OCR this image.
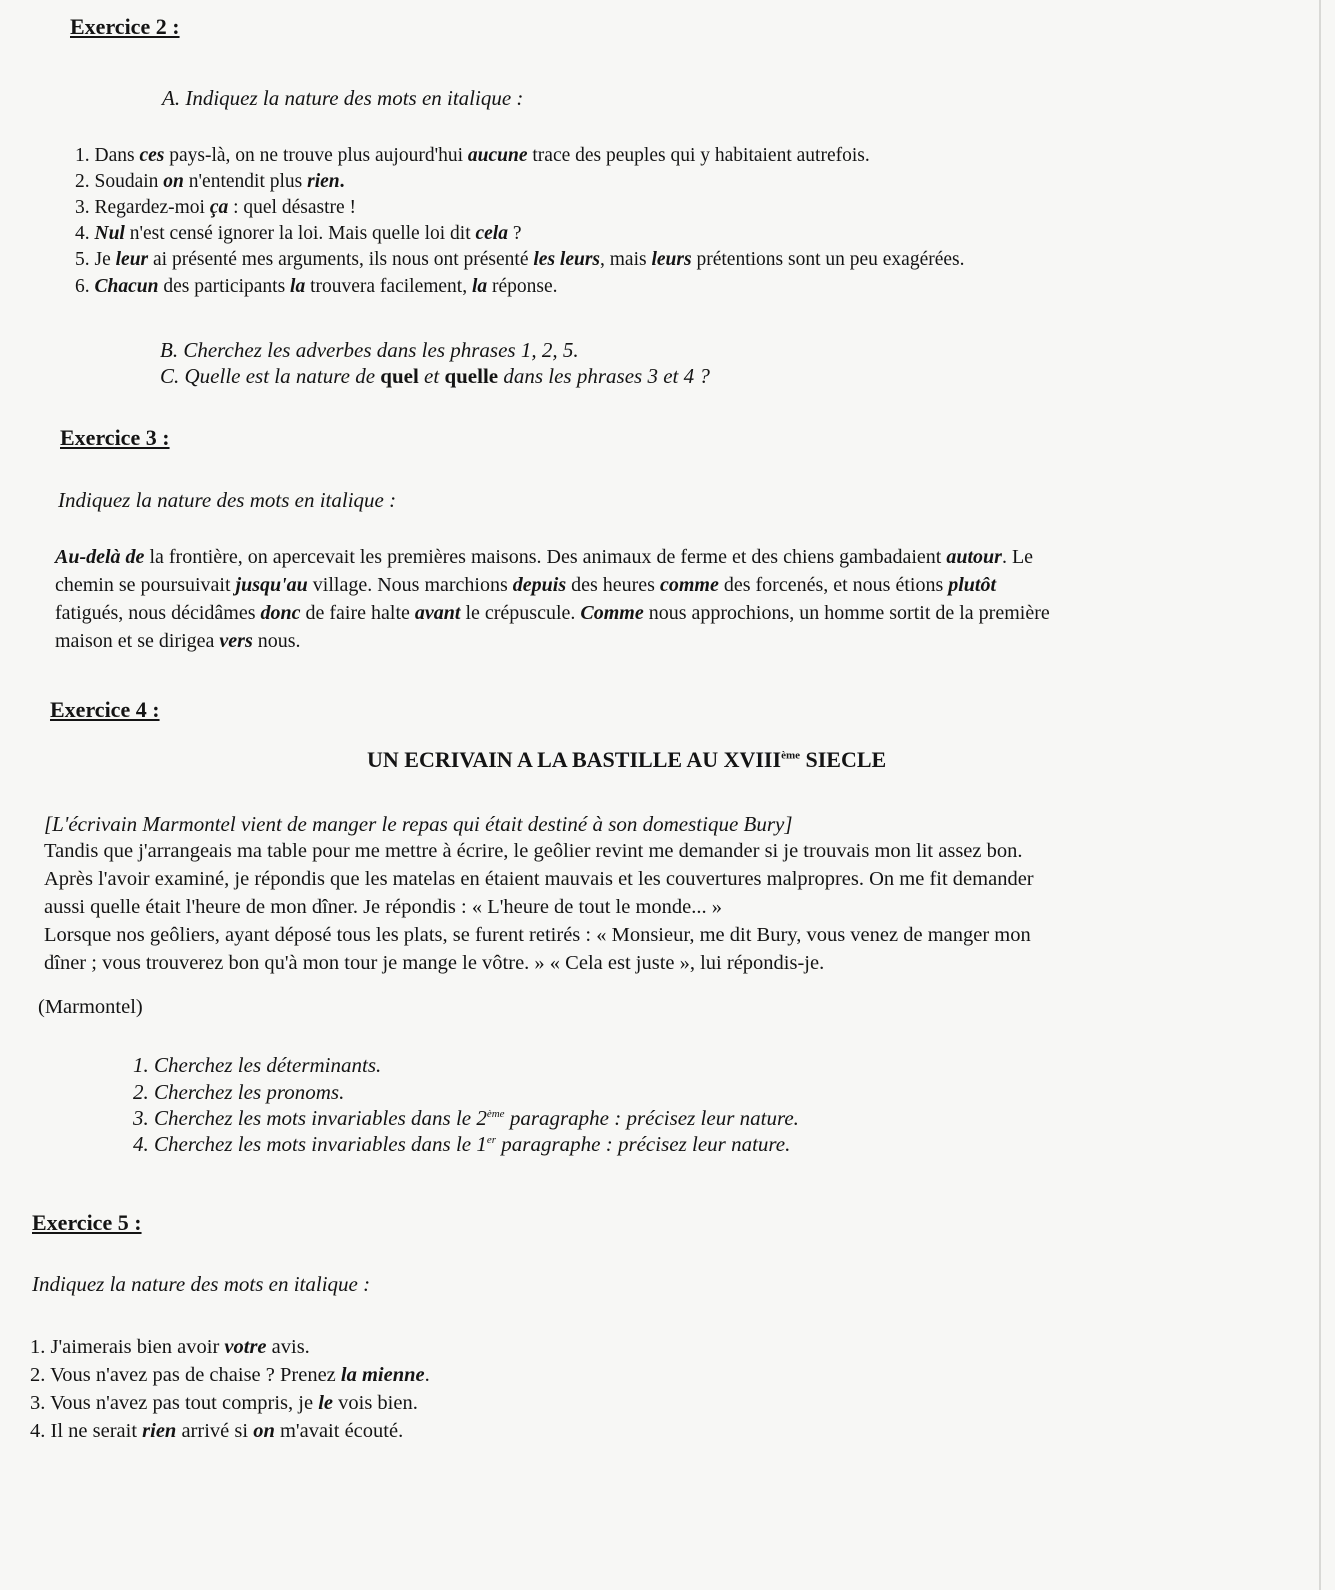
Exercice 2 :
A. Indiquez la nature des mots en italique :
1. Dans ces pays-là, on ne trouve plus aujourd'hui aucune trace des peuples qui y habitaient autrefois.
2. Soudain on n'entendit plus rien.
3. Regardez-moi ça : quel désastre !
4. Nul n'est censé ignorer la loi. Mais quelle loi dit cela ?
5. Je leur ai présenté mes arguments, ils nous ont présenté les leurs, mais leurs prétentions sont un peu exagérées.
6. Chacun des participants la trouvera facilement, la réponse.
B. Cherchez les adverbes dans les phrases 1, 2, 5.
C. Quelle est la nature de quel et quelle dans les phrases 3 et 4 ?
Exercice 3 :
Indiquez la nature des mots en italique :
Au-delà de la frontière, on apercevait les premières maisons. Des animaux de ferme et des chiens gambadaient autour. Le
chemin se poursuivait jusqu'au village. Nous marchions depuis des heures comme des forcenés, et nous étions plutôt
fatigués, nous décidâmes donc de faire halte avant le crépuscule. Comme nous approchions, un homme sortit de la première
maison et se dirigea vers nous.
Exercice 4 :
UN ECRIVAIN A LA BASTILLE AU XVIIIème SIECLE
[L'écrivain Marmontel vient de manger le repas qui était destiné à son domestique Bury]
Tandis que j'arrangeais ma table pour me mettre à écrire, le geôlier revint me demander si je trouvais mon lit assez bon.
Après l'avoir examiné, je répondis que les matelas en étaient mauvais et les couvertures malpropres. On me fit demander
aussi quelle était l'heure de mon dîner. Je répondis : « L'heure de tout le monde... »
Lorsque nos geôliers, ayant déposé tous les plats, se furent retirés : « Monsieur, me dit Bury, vous venez de manger mon
dîner ; vous trouverez bon qu'à mon tour je mange le vôtre. » « Cela est juste », lui répondis-je.
(Marmontel)
1. Cherchez les déterminants.
2. Cherchez les pronoms.
3. Cherchez les mots invariables dans le 2ème paragraphe : précisez leur nature.
4. Cherchez les mots invariables dans le 1er paragraphe : précisez leur nature.
Exercice 5 :
Indiquez la nature des mots en italique :
1. J'aimerais bien avoir votre avis.
2. Vous n'avez pas de chaise ? Prenez la mienne.
3. Vous n'avez pas tout compris, je le vois bien.
4. Il ne serait rien arrivé si on m'avait écouté.
